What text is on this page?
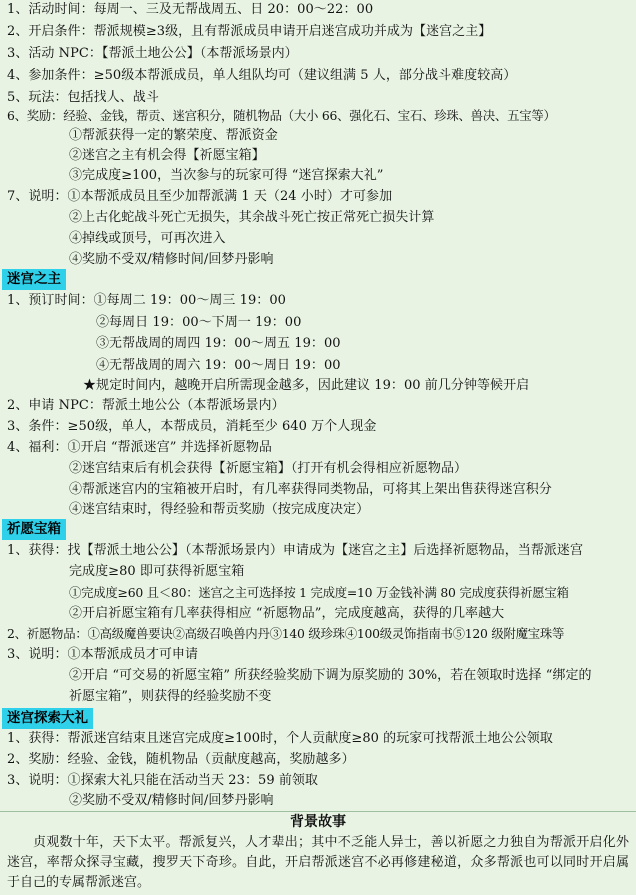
1、活动时间：每周一、三及无帮战周五、日 20：00～22：00
2、开启条件：帮派规模≥3级，且有帮派成员申请开启迷宫成功并成为【迷宫之主】
3、活动 NPC：【帮派土地公公】（本帮派场景内）
4、参加条件：≥50级本帮派成员，单人组队均可（建议组满 5 人，部分战斗难度较高）
5、玩法：包括找人、战斗
6、奖励：经验、金钱，帮贡、迷宫积分，随机物品（大小 66、强化石、宝石、珍珠、兽决、五宝等）
①帮派获得一定的繁荣度、帮派资金
②迷宫之主有机会得【祈愿宝箱】
③完成度≥100，当次参与的玩家可得 “迷宫探索大礼”
7、说明：①本帮派成员且至少加帮派满 1 天（24 小时）才可参加
②上古化蛇战斗死亡无损失，其余战斗死亡按正常死亡损失计算
④掉线或顶号，可再次进入
④奖励不受双/精修时间/回梦丹影响
迷宫之主
1、预订时间：①每周二 19：00～周三 19：00
②每周日 19：00～下周一 19：00
③无帮战周的周四 19：00～周五 19：00
④无帮战周的周六 19：00～周日 19：00
★规定时间内，越晚开启所需现金越多，因此建议 19：00 前几分钟等候开启
2、申请 NPC：帮派土地公公（本帮派场景内）
3、条件：≥50级，单人，本帮成员，消耗至少 640 万个人现金
4、福利：①开启 “帮派迷宫” 并选择祈愿物品
②迷宫结束后有机会获得【祈愿宝箱】（打开有机会得相应祈愿物品）
④帮派迷宫内的宝箱被开启时，有几率获得同类物品，可将其上架出售获得迷宫积分
④迷宫结束时，得经验和帮贡奖励（按完成度决定）
祈愿宝箱
1、获得：找【帮派土地公公】（本帮派场景内）申请成为【迷宫之主】后选择祈愿物品，当帮派迷宫
完成度≥80 即可获得祈愿宝箱
①完成度≥60 且＜80：迷宫之主可选择按 1 完成度=10 万金钱补满 80 完成度获得祈愿宝箱
②开启祈愿宝箱有几率获得相应 “祈愿物品”，完成度越高，获得的几率越大
2、祈愿物品：①高级魔兽要诀②高级召唤兽内丹③140 级珍珠④100级灵饰指南书⑤120 级附魔宝珠等
3、说明：①本帮派成员才可申请
②开启 “可交易的祈愿宝箱” 所获经验奖励下调为原奖励的 30%，若在领取时选择 “绑定的
祈愿宝箱”，则获得的经验奖励不变
迷宫探索大礼
1、获得：帮派迷宫结束且迷宫完成度≥100时，个人贡献度≥80 的玩家可找帮派土地公公领取
2、奖励：经验、金钱，随机物品（贡献度越高，奖励越多）
3、说明：①探索大礼只能在活动当天 23：59 前领取
②奖励不受双/精修时间/回梦丹影响
背景故事
贞观数十年，天下太平。帮派复兴，人才辈出；其中不乏能人异士，善以祈愿之力独自为帮派开启化外迷宫，率帮众探寻宝藏，搜罗天下奇珍。自此，开启帮派迷宫不必再修建秘道，众多帮派也可以同时开启属于自己的专属帮派迷宫。
